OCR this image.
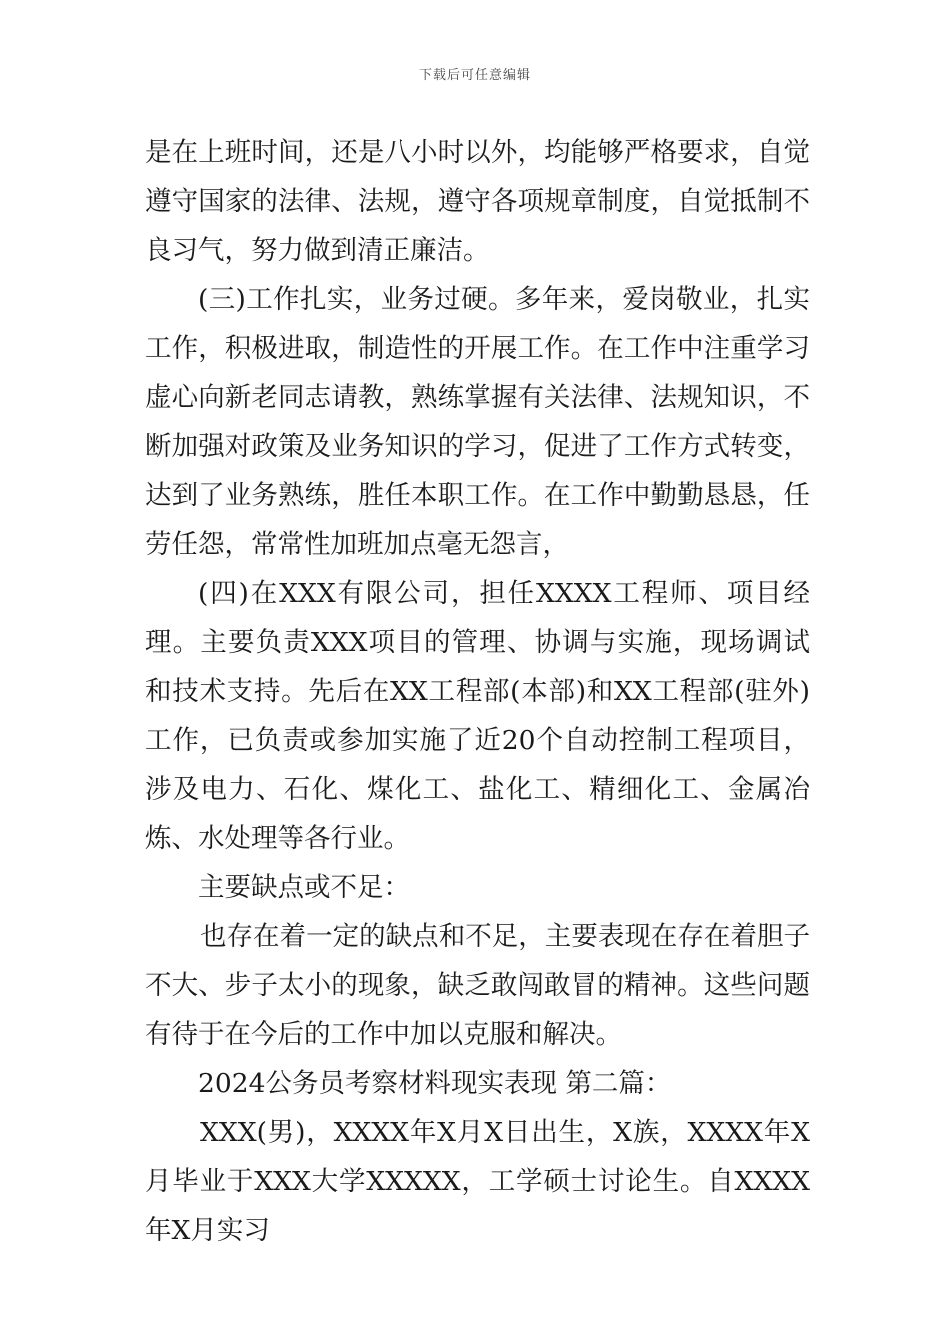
下载后可任意编辑

是在上班时间，还是八小时以外，均能够严格要求，自觉遵守国家的法律、法规，遵守各项规章制度，自觉抵制不良习气，努力做到清正廉洁。

(三)工作扎实，业务过硬。多年来，爱岗敬业，扎实工作，积极进取，制造性的开展工作。在工作中注重学习虚心向新老同志请教，熟练掌握有关法律、法规知识，不断加强对政策及业务知识的学习，促进了工作方式转变，达到了业务熟练，胜任本职工作。在工作中勤勤恳恳，任劳任怨，常常性加班加点毫无怨言，

(四)在XXX有限公司，担任XXXX工程师、项目经理。主要负责XXX项目的管理、协调与实施，现场调试和技术支持。先后在XX工程部(本部)和XX工程部(驻外)工作，已负责或参加实施了近20个自动控制工程项目，涉及电力、石化、煤化工、盐化工、精细化工、金属冶炼、水处理等各行业。

主要缺点或不足：

也存在着一定的缺点和不足，主要表现在存在着胆子不大、步子太小的现象，缺乏敢闯敢冒的精神。这些问题有待于在今后的工作中加以克服和解决。

2024公务员考察材料现实表现 第二篇：

XXX(男)，XXXX年X月X日出生，X族，XXXX年X月毕业于XXX大学XXXXX，工学硕士讨论生。自XXXX年X月实习
